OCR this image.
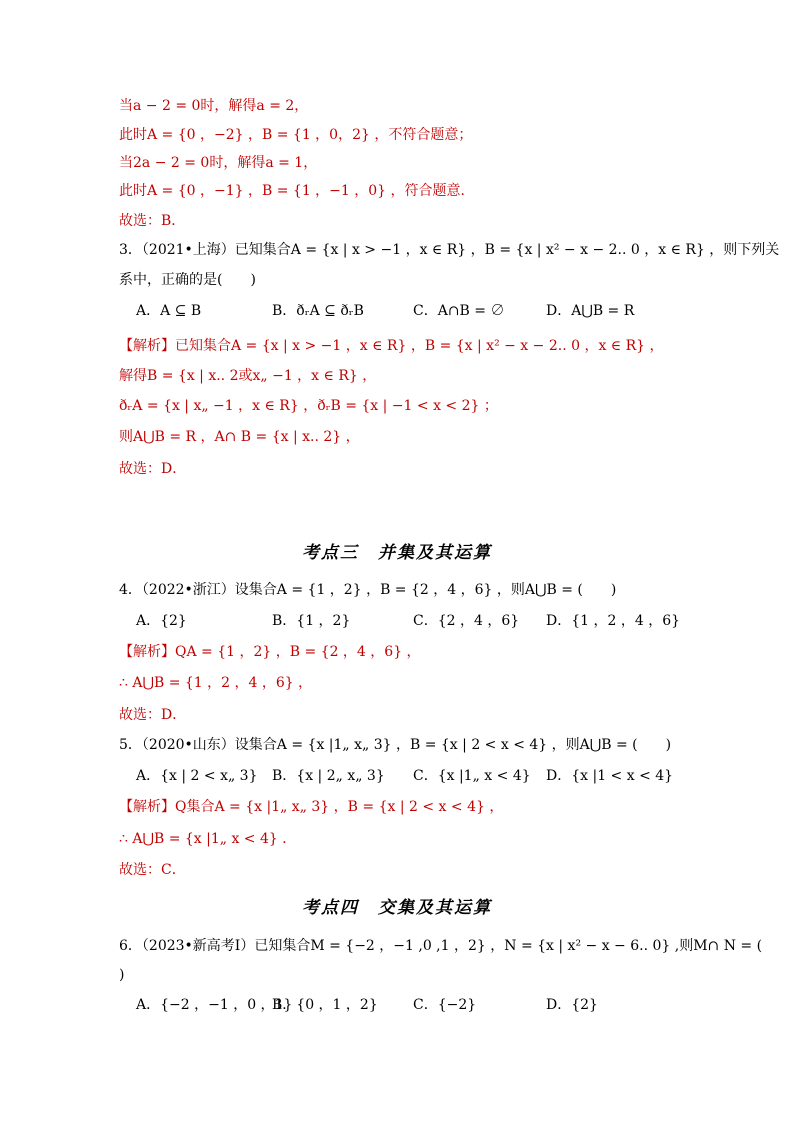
当a − 2 = 0时，解得a = 2，
此时A = {0 ，−2} ，B = {1 ，0，2} ，不符合题意；
当2a − 2 = 0时，解得a = 1，
此时A = {0 ，−1} ，B = {1 ，−1 ，0} ，符合题意．
故选：B．
3．（2021•上海）已知集合A = {x | x > −1 ，x ∈ R} ，B = {x | x² − x − 2.. 0 ，x ∈ R} ，则下列关
系中，正确的是(　　)
A．A ⊆ B	B．ðᵣA ⊆ ðᵣB	C．A∩B = ∅	D．A⋃B = R
【解析】已知集合A = {x | x > −1 ，x ∈ R} ，B = {x | x² − x − 2.. 0 ，x ∈ R} ，
解得B = {x | x.. 2或x„ −1 ，x ∈ R} ，
ðᵣA = {x | x„ −1 ，x ∈ R} ，ðᵣB = {x | −1 < x < 2} ；
则A⋃B = R ，A∩ B = {x | x.. 2} ，
故选：D．
考点三　并集及其运算
4．（2022•浙江）设集合A = {1 ，2} ，B = {2 ，4 ，6} ，则A⋃B = (　　)
A．{2}	B．{1 ，2}	C．{2 ，4 ，6} D．{1 ，2 ，4 ，6}
【解析】QA = {1 ，2} ，B = {2 ，4 ，6} ，
∴ A⋃B = {1 ，2 ，4 ，6} ，
故选：D．
5．（2020•山东）设集合A = {x |1„ x„ 3} ，B = {x | 2 < x < 4} ，则A⋃B = (　　)
A．{x | 2 < x„ 3} B．{x | 2„ x„ 3} C．{x |1„ x < 4} D．{x |1 < x < 4}
【解析】Q集合A = {x |1„ x„ 3} ，B = {x | 2 < x < 4} ，
∴ A⋃B = {x |1„ x < 4} ．
故选：C．
考点四　交集及其运算
6．（2023•新高考Ⅰ）已知集合M = {−2 ，−1 ,0 ,1 ，2} ，N = {x | x² − x − 6.. 0} ,则M∩ N = (
)
A．{−2 ，−1 ，0 ，1}
B．{0 ，1 ，2}	C．{−2}	D．{2}
